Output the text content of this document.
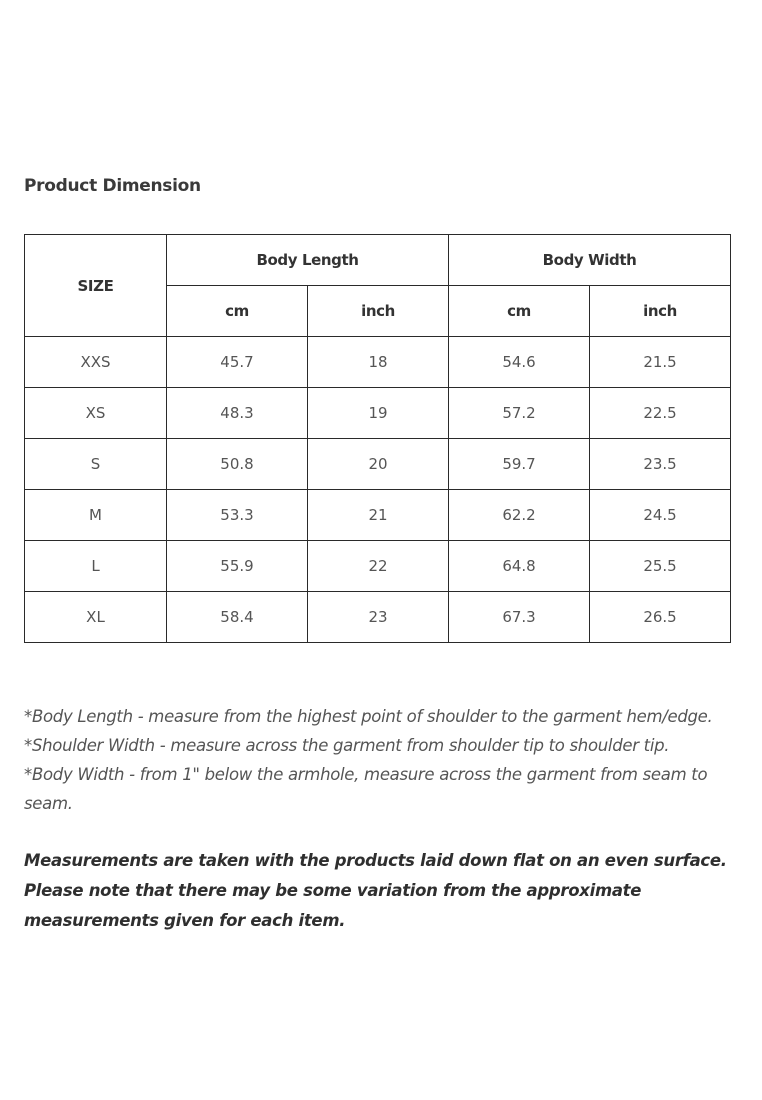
Product Dimension
SIZE	Body Length		Body Width	
	cm	inch	cm	inch
XXS	45.7	18	54.6	21.5
XS	48.3	19	57.2	22.5
S	50.8	20	59.7	23.5
M	53.3	21	62.2	24.5
L	55.9	22	64.8	25.5
XL	58.4	23	67.3	26.5

*Body Length - measure from the highest point of shoulder to the garment hem/edge.

*Shoulder Width - measure across the garment from shoulder tip to shoulder tip.

*Body Width - from 1" below the armhole, measure across the garment from seam to seam.

Measurements are taken with the products laid down flat on an even surface. Please note that there may be some variation from the approximate measurements given for each item.
